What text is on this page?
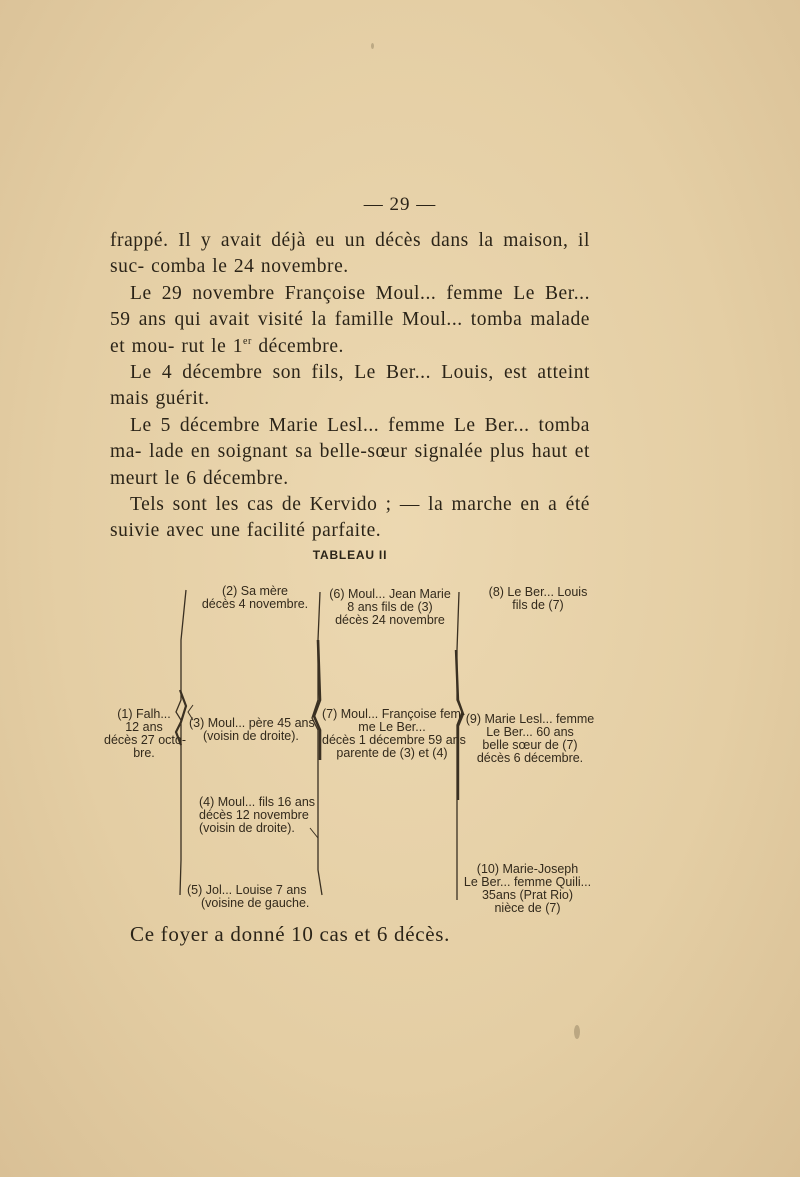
— 29 —

frappé. Il y avait déjà eu un décès dans la maison, il suc- comba le 24 novembre.

Le 29 novembre Françoise Moul... femme Le Ber... 59 ans qui avait visité la famille Moul... tomba malade et mou- rut le 1er décembre.

Le 4 décembre son fils, Le Ber... Louis, est atteint mais guérit.

Le 5 décembre Marie Lesl... femme Le Ber... tomba ma- lade en soignant sa belle-sœur signalée plus haut et meurt le 6 décembre.

Tels sont les cas de Kervido ; — la marche en a été suivie avec une facilité parfaite.

TABLEAU II
(2) Sa mère
décès 4 novembre.
(6) Moul... Jean Marie
8 ans fils de (3)
décès 24 novembre
(8) Le Ber... Louis
fils de (7)
(1) Falh...
12 ans
décès 27 octo-
bre.
(3) Moul... père 45 ans
(voisin de droite).
(7) Moul... Françoise fem-
me Le Ber...
décès 1 décembre 59 ans
parente de (3) et (4)
(9) Marie Lesl... femme
Le Ber... 60 ans
belle sœur de (7)
décès 6 décembre.
(4) Moul... fils 16 ans
décès 12 novembre
(voisin de droite).
(5) Jol... Louise 7 ans
(voisine de gauche.
(10) Marie-Joseph
Le Ber... femme Quili...
35ans (Prat Rio)
nièce de (7)
Ce foyer a donné 10 cas et 6 décès.
